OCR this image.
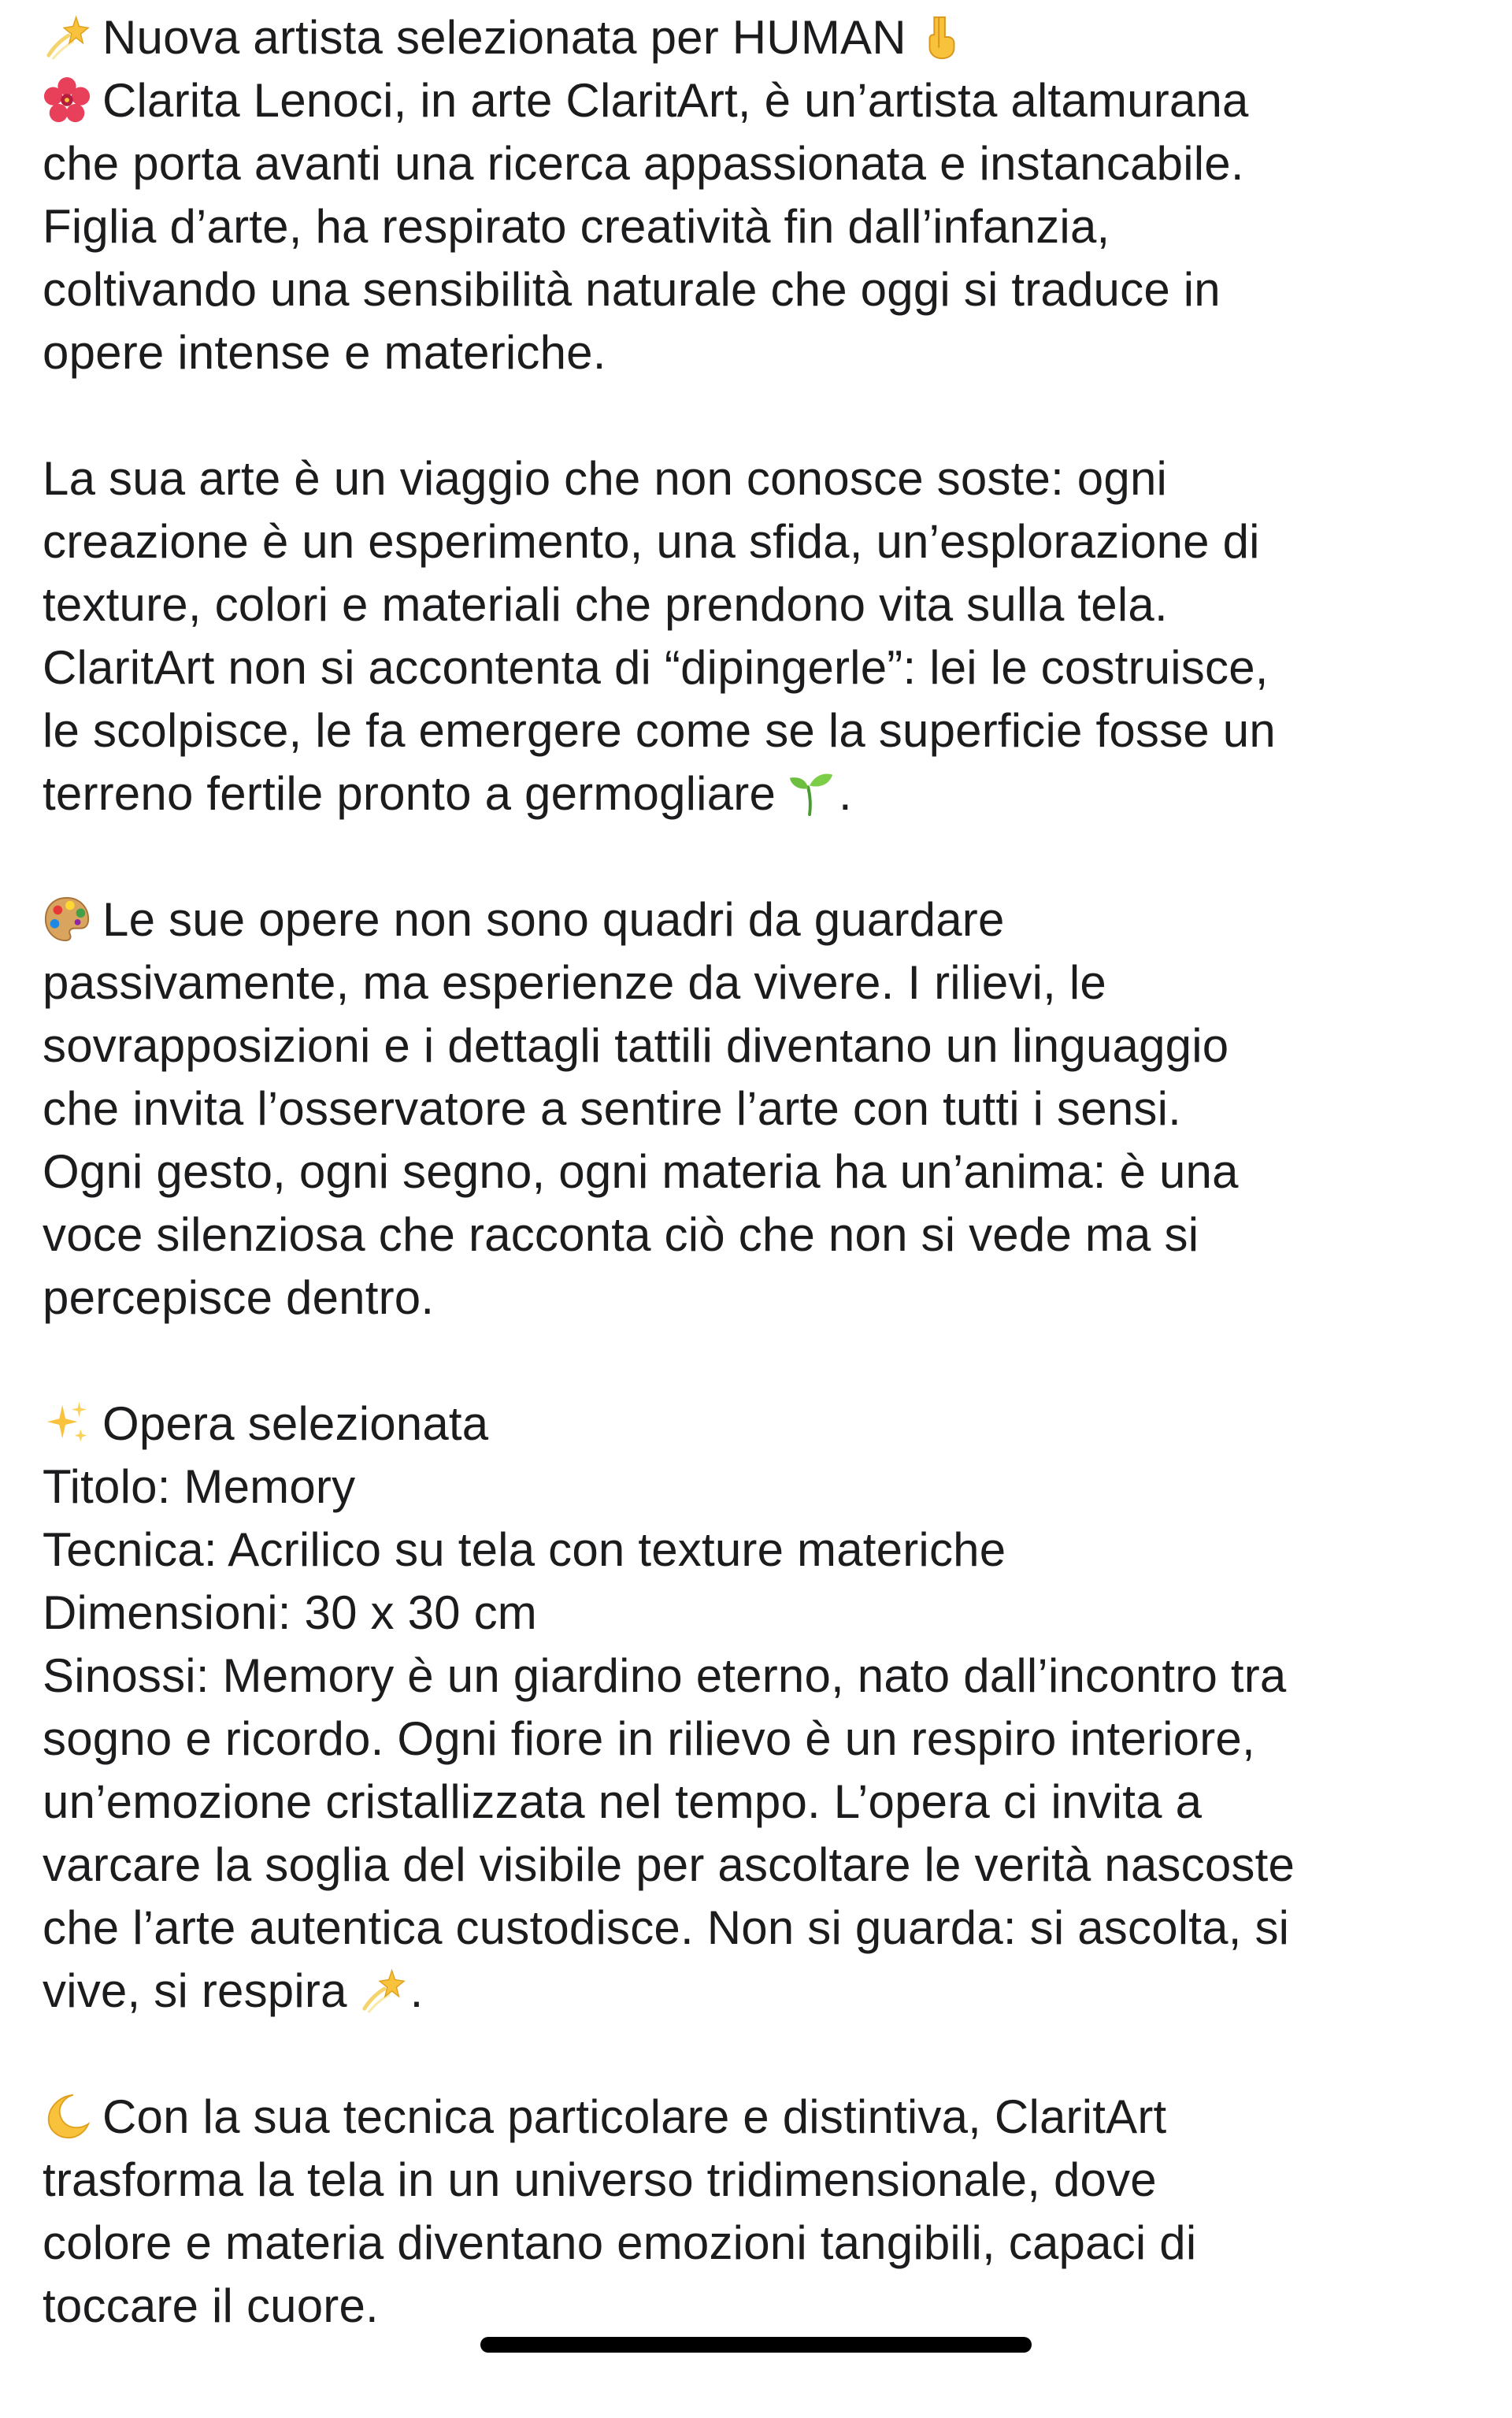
Nuova artista selezionata per HUMAN
Clarita Lenoci, in arte ClaritArt, è un’artista altamurana
che porta avanti una ricerca appassionata e instancabile.
Figlia d’arte, ha respirato creatività fin dall’infanzia,
coltivando una sensibilità naturale che oggi si traduce in
opere intense e materiche.
La sua arte è un viaggio che non conosce soste: ogni
creazione è un esperimento, una sfida, un’esplorazione di
texture, colori e materiali che prendono vita sulla tela.
ClaritArt non si accontenta di “dipingerle”: lei le costruisce,
le scolpisce, le fa emergere come se la superficie fosse un
terreno fertile pronto a germogliare .
Le sue opere non sono quadri da guardare
passivamente, ma esperienze da vivere. I rilievi, le
sovrapposizioni e i dettagli tattili diventano un linguaggio
che invita l’osservatore a sentire l’arte con tutti i sensi.
Ogni gesto, ogni segno, ogni materia ha un’anima: è una
voce silenziosa che racconta ciò che non si vede ma si
percepisce dentro.
Opera selezionata
Titolo: Memory
Tecnica: Acrilico su tela con texture materiche
Dimensioni: 30 x 30 cm
Sinossi: Memory è un giardino eterno, nato dall’incontro tra
sogno e ricordo. Ogni fiore in rilievo è un respiro interiore,
un’emozione cristallizzata nel tempo. L’opera ci invita a
varcare la soglia del visibile per ascoltare le verità nascoste
che l’arte autentica custodisce. Non si guarda: si ascolta, si
vive, si respira .
Con la sua tecnica particolare e distintiva, ClaritArt
trasforma la tela in un universo tridimensionale, dove
colore e materia diventano emozioni tangibili, capaci di
toccare il cuore.
